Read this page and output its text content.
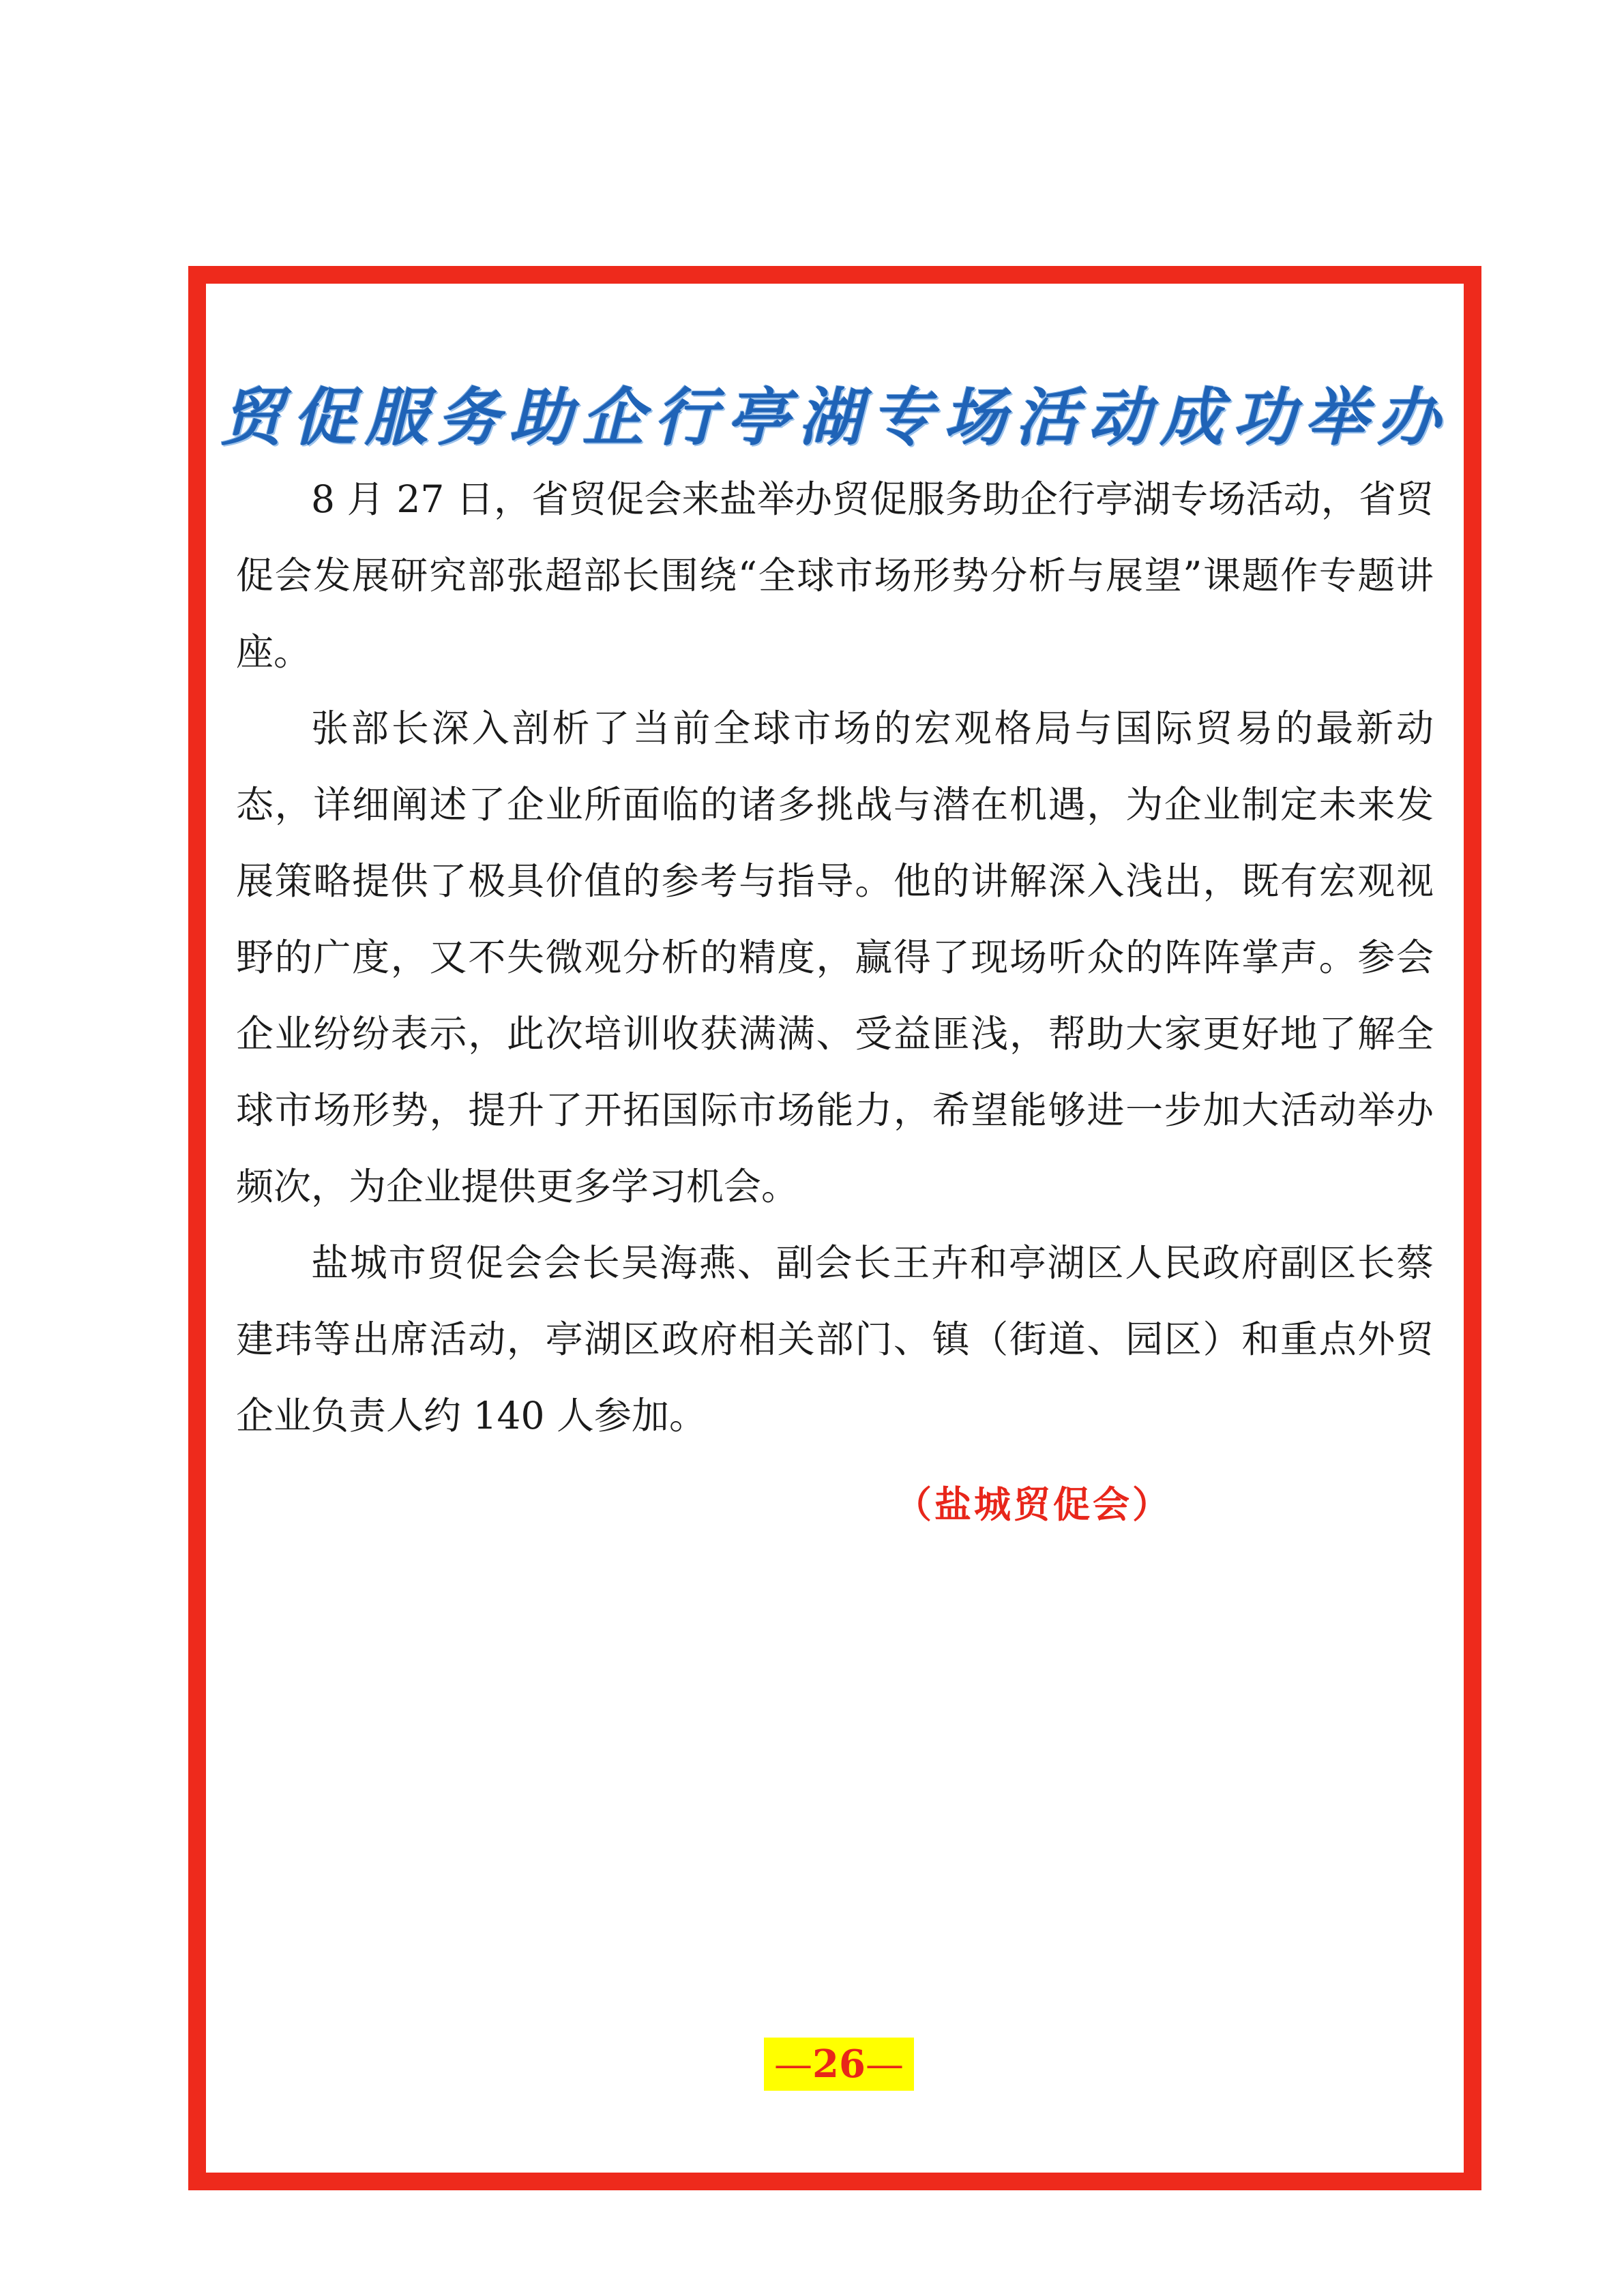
贸促服务助企行亭湖专场活动成功举办

8 月 27 日，省贸促会来盐举办贸促服务助企行亭湖专场活动，省贸促会发展研究部张超部长围绕“全球市场形势分析与展望”课题作专题讲座。

张部长深入剖析了当前全球市场的宏观格局与国际贸易的最新动态，详细阐述了企业所面临的诸多挑战与潜在机遇，为企业制定未来发展策略提供了极具价值的参考与指导。他的讲解深入浅出，既有宏观视野的广度，又不失微观分析的精度，赢得了现场听众的阵阵掌声。参会企业纷纷表示，此次培训收获满满、受益匪浅，帮助大家更好地了解全球市场形势，提升了开拓国际市场能力，希望能够进一步加大活动举办频次，为企业提供更多学习机会。

盐城市贸促会会长吴海燕、副会长王卉和亭湖区人民政府副区长蔡建玮等出席活动，亭湖区政府相关部门、镇（街道、园区）和重点外贸企业负责人约 140 人参加。

（盐城贸促会）
—26—
